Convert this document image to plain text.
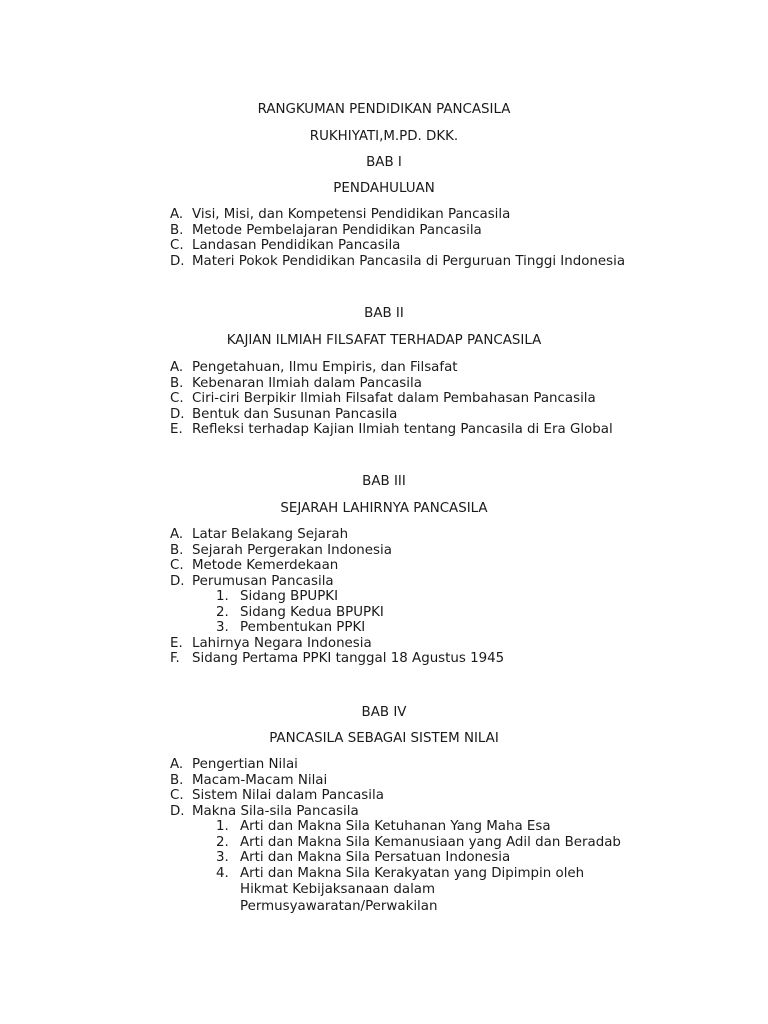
RANGKUMAN PENDIDIKAN PANCASILA
RUKHIYATI,M.PD. DKK.
BAB I
PENDAHULUAN
A. Visi, Misi, dan Kompetensi Pendidikan Pancasila
B. Metode Pembelajaran Pendidikan Pancasila
C. Landasan Pendidikan Pancasila
D. Materi Pokok Pendidikan Pancasila di Perguruan Tinggi Indonesia
BAB II
KAJIAN ILMIAH FILSAFAT TERHADAP PANCASILA
A. Pengetahuan, Ilmu Empiris, dan Filsafat
B. Kebenaran Ilmiah dalam Pancasila
C. Ciri-ciri Berpikir Ilmiah Filsafat dalam Pembahasan Pancasila
D. Bentuk dan Susunan Pancasila
E. Refleksi terhadap Kajian Ilmiah tentang Pancasila di Era Global
BAB III
SEJARAH LAHIRNYA PANCASILA
A. Latar Belakang Sejarah
B. Sejarah Pergerakan Indonesia
C. Metode Kemerdekaan
D. Perumusan Pancasila
1. Sidang BPUPKI
2. Sidang Kedua BPUPKI
3. Pembentukan PPKI
E. Lahirnya Negara Indonesia
F. Sidang Pertama PPKI tanggal 18 Agustus 1945
BAB IV
PANCASILA SEBAGAI SISTEM NILAI
A. Pengertian Nilai
B. Macam-Macam Nilai
C. Sistem Nilai dalam Pancasila
D. Makna Sila-sila Pancasila
1. Arti dan Makna Sila Ketuhanan Yang Maha Esa
2. Arti dan Makna Sila Kemanusiaan yang Adil dan Beradab
3. Arti dan Makna Sila Persatuan Indonesia
4. Arti dan Makna Sila Kerakyatan yang Dipimpin oleh
Hikmat Kebijaksanaan dalam
Permusyawaratan/Perwakilan
